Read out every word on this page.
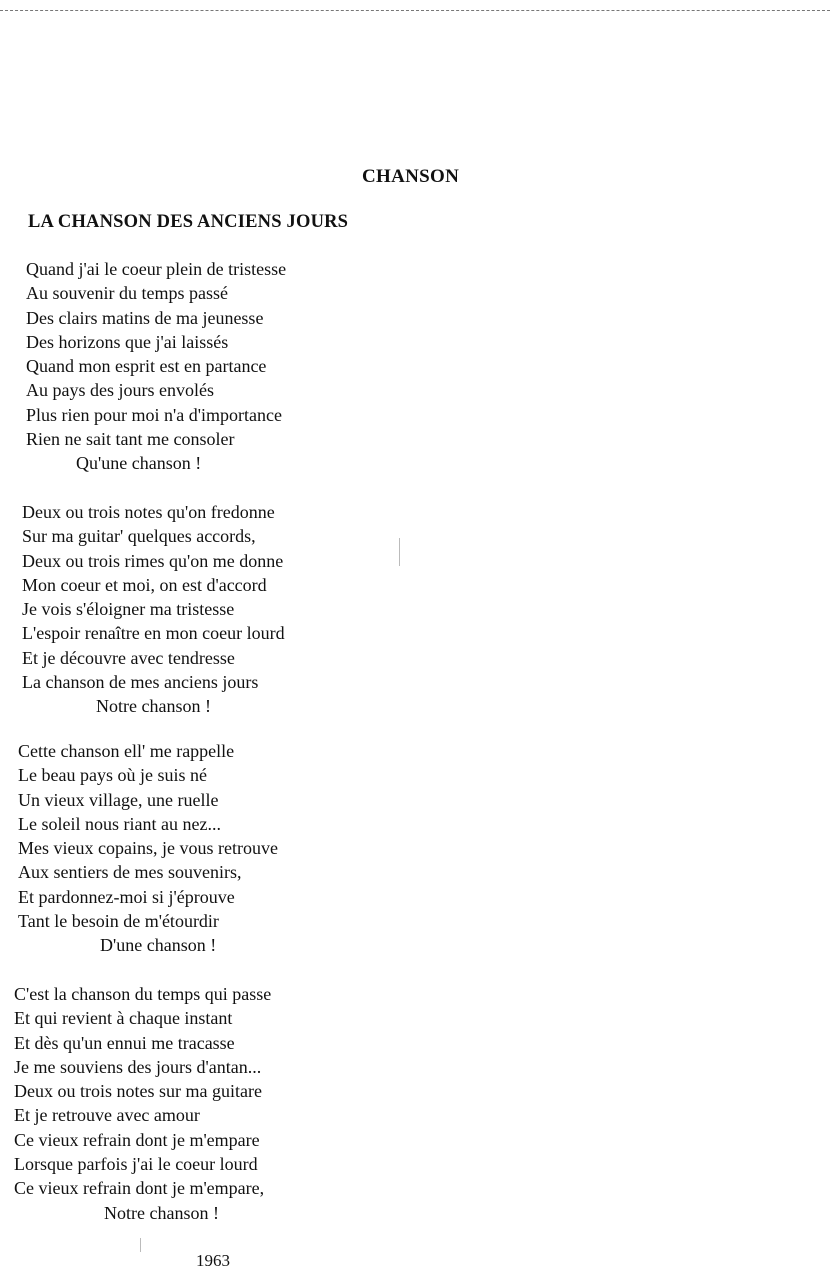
CHANSON
LA CHANSON DES ANCIENS JOURS
Quand j'ai le coeur plein de tristesse
Au souvenir du temps passé
Des clairs matins de ma jeunesse
Des horizons que j'ai laissés
Quand mon esprit est en partance
Au pays des jours envolés
Plus rien pour moi n'a d'importance
Rien ne sait tant me consoler
Qu'une chanson !
Deux ou trois notes qu'on fredonne
Sur ma guitar' quelques accords,
Deux ou trois rimes qu'on me donne
Mon coeur et moi, on est d'accord
Je vois s'éloigner ma tristesse
L'espoir renaître en mon coeur lourd
Et je découvre avec tendresse
La chanson de mes anciens jours
Notre chanson !
Cette chanson ell' me rappelle
Le beau pays où je suis né
Un vieux village, une ruelle
Le soleil nous riant au nez...
Mes vieux copains, je vous retrouve
Aux sentiers de mes souvenirs,
Et pardonnez-moi si j'éprouve
Tant le besoin de m'étourdir
D'une chanson !
C'est la chanson du temps qui passe
Et qui revient à chaque instant
Et dès qu'un ennui me tracasse
Je me souviens des jours d'antan...
Deux ou trois notes sur ma guitare
Et je retrouve avec amour
Ce vieux refrain dont je m'empare
Lorsque parfois j'ai le coeur lourd
Ce vieux refrain dont je m'empare,
Notre chanson !
1963
